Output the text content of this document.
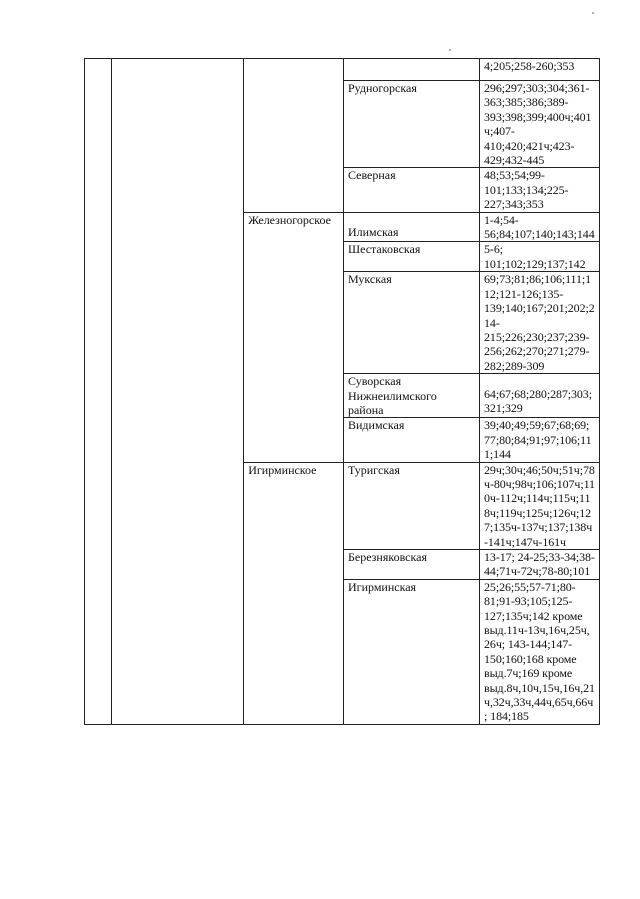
				4;205;258-260;353
			Рудногорская	296;297;303;304;361-363;385;386;389-393;398;399;400ч;401ч;407-410;420;421ч;423-429;432-445
			Северная	48;53;54;99-101;133;134;225-227;343;353
		Железногорское	Илимская	1-4;54-56;84;107;140;143;144
			Шестаковская	5-6; 101;102;129;137;142
			Мукская	69;73;81;86;106;111;112;121-126;135-139;140;167;201;202;214-215;226;230;237;239-256;262;270;271;279-282;289-309
			Суворская Нижнеилимского района	64;67;68;280;287;303;321;329
			Видимская	39;40;49;59;67;68;69;77;80;84;91;97;106;111;144
		Игирминское	Туригская	29ч;30ч;46;50ч;51ч;78ч-80ч;98ч;106;107ч;110ч-112ч;114ч;115ч;118ч;119ч;125ч;126ч;127;135ч-137ч;137;138ч-141ч;147ч-161ч
			Березняковская	13-17; 24-25;33-34;38-44;71ч-72ч;78-80;101
			Игирминская	25;26;55;57-71;80-81;91-93;105;125-127;135ч;142 кроме выд.11ч-13ч,16ч,25ч,26ч; 143-144;147-150;160;168 кроме выд.7ч;169 кроме выд.8ч,10ч,15ч,16ч,21ч,32ч,33ч,44ч,65ч,66ч; 184;185
